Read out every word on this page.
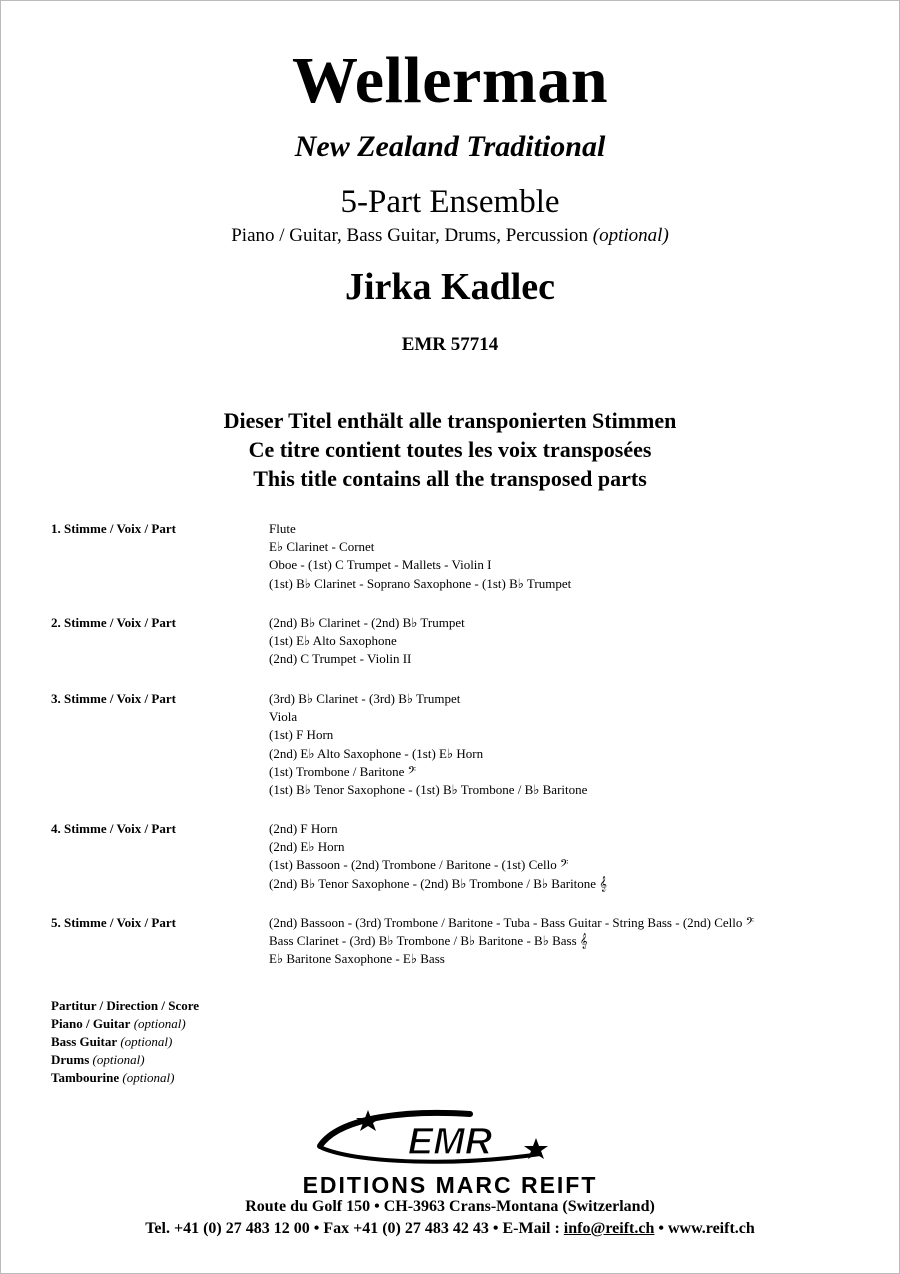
Wellerman
New Zealand Traditional
5-Part Ensemble
Piano / Guitar, Bass Guitar, Drums, Percussion (optional)
Jirka Kadlec
EMR 57714
Dieser Titel enthält alle transponierten Stimmen
Ce titre contient toutes les voix transposées
This title contains all the transposed parts
1. Stimme / Voix / Part	Flute
E♭ Clarinet - Cornet
Oboe - (1st) C Trumpet - Mallets - Violin I
(1st) B♭ Clarinet - Soprano Saxophone - (1st) B♭ Trumpet
2. Stimme / Voix / Part	(2nd) B♭ Clarinet - (2nd) B♭ Trumpet
(1st) E♭ Alto Saxophone
(2nd) C Trumpet - Violin II
3. Stimme / Voix / Part	(3rd) B♭ Clarinet - (3rd) B♭ Trumpet
Viola
(1st) F Horn
(2nd) E♭ Alto Saxophone - (1st) E♭ Horn
(1st) Trombone / Baritone 𝄢
(1st) B♭ Tenor Saxophone - (1st) B♭ Trombone / B♭ Baritone
4. Stimme / Voix / Part	(2nd) F Horn
(2nd) E♭ Horn
(1st) Bassoon - (2nd) Trombone / Baritone - (1st) Cello 𝄢
(2nd) B♭ Tenor Saxophone - (2nd) B♭ Trombone / B♭ Baritone 𝄞
5. Stimme / Voix / Part	(2nd) Bassoon - (3rd) Trombone / Baritone - Tuba - Bass Guitar - String Bass - (2nd) Cello 𝄢
Bass Clarinet - (3rd) B♭ Trombone / B♭ Baritone - B♭ Bass 𝄞
E♭ Baritone Saxophone - E♭ Bass
Partitur / Direction / Score
Piano / Guitar (optional)
Bass Guitar (optional)
Drums (optional)
Tambourine (optional)
EMR
EDITIONS MARC REIFT
Route du Golf 150 • CH-3963 Crans-Montana (Switzerland)
Tel. +41 (0) 27 483 12 00 • Fax +41 (0) 27 483 42 43 • E-Mail : info@reift.ch • www.reift.ch
